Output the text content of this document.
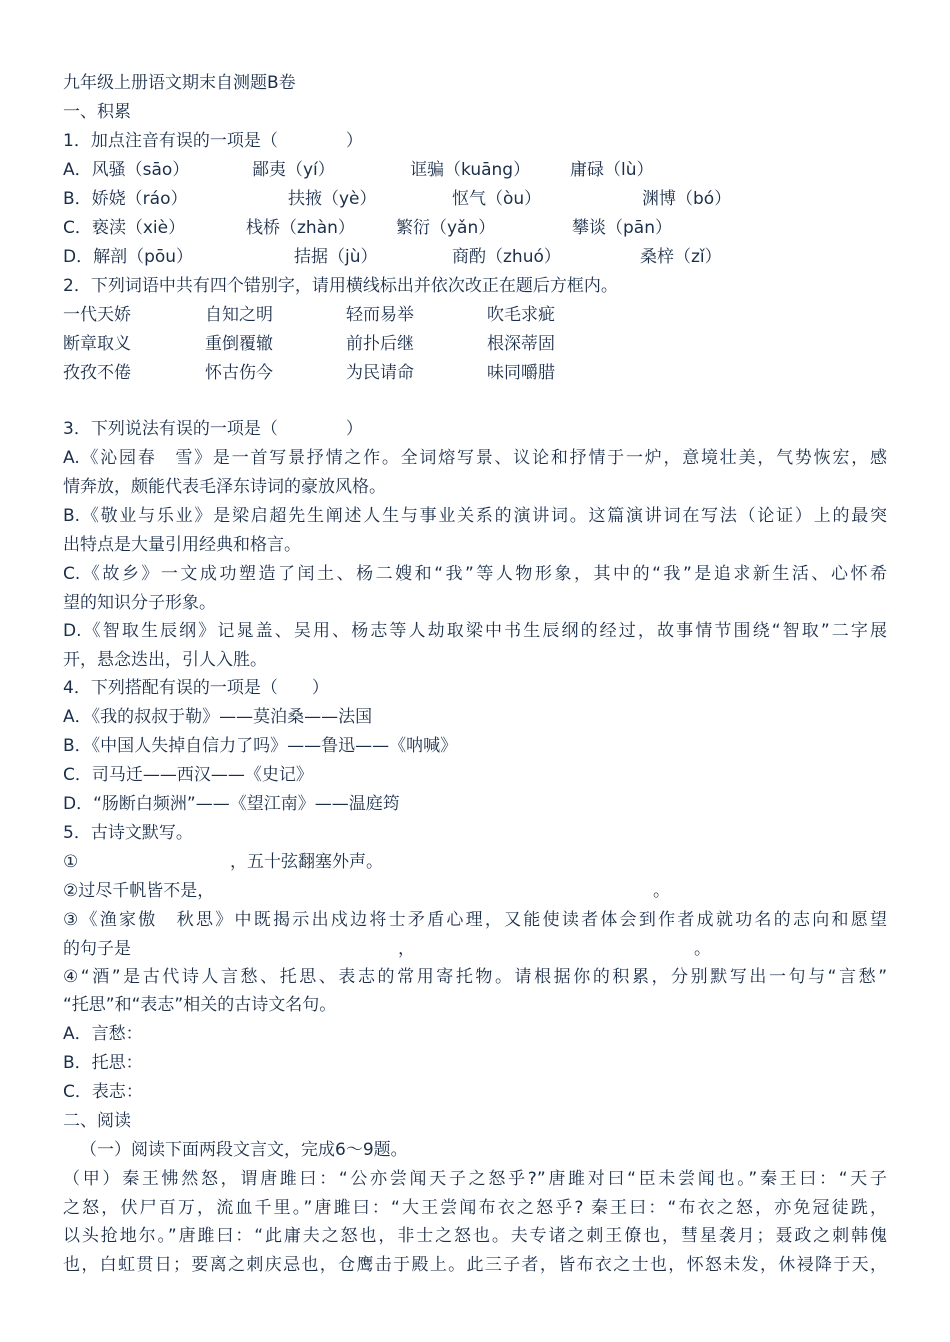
九年级上册语文期末自测题B卷
一、积累
1．加点注音有误的一项是（　　　　）
A．风骚（sāo）	鄙夷（yí）	诓骗（kuāng） 庸碌（lù）
B．娇娆（ráo）	扶掖（yè）	怄气（òu）	渊博（bó）
C．亵渎（xiè）	栈桥（zhàn） 繁衍（yǎn）	攀谈（pān）
D．解剖（pōu）	拮据（jù）	商酌（zhuó）	桑梓（zǐ）
2．下列词语中共有四个错别字，请用横线标出并依次改正在题后方框内。
一代天娇	自知之明	轻而易举	吹毛求疵
断章取义	重倒覆辙	前扑后继	根深蒂固
孜孜不倦	怀古伤今	为民请命	味同嚼腊
3．下列说法有误的一项是（　　　　）
A.《沁园春　雪》是一首写景抒情之作。全词熔写景、议论和抒情于一炉，意境壮美，气势恢宏，感
情奔放，颇能代表毛泽东诗词的豪放风格。
B.《敬业与乐业》是梁启超先生阐述人生与事业关系的演讲词。这篇演讲词在写法（论证）上的最突
出特点是大量引用经典和格言。
C.《故乡》一文成功塑造了闰土、杨二嫂和“我”等人物形象，其中的“我”是追求新生活、心怀希
望的知识分子形象。
D.《智取生辰纲》记晁盖、吴用、杨志等人劫取梁中书生辰纲的经过，故事情节围绕“智取”二字展
开，悬念迭出，引人入胜。
4．下列搭配有误的一项是（　　）
A．《我的叔叔于勒》——莫泊桑——法国
B．《中国人失掉自信力了吗》——鲁迅——《呐喊》
C．司马迁——西汉——《史记》
D．“肠断白频洲”——《望江南》——温庭筠
5．古诗文默写。
①	，五十弦翻塞外声。
②过尽千帆皆不是，	。
③《渔家傲　秋思》中既揭示出戍边将士矛盾心理，又能使读者体会到作者成就功名的志向和愿望
的句子是	，	。
④“酒”是古代诗人言愁、托思、表志的常用寄托物。请根据你的积累，分别默写出一句与“言愁”
“托思”和“表志”相关的古诗文名句。
A．言愁：
B．托思：
C．表志：
二、阅读
（一）阅读下面两段文言文，完成6～9题。
（甲）秦王怫然怒，谓唐雎曰：“公亦尝闻天子之怒乎?”唐雎对曰“臣未尝闻也。”秦王曰：“天子
之怒，伏尸百万，流血千里。”唐雎曰：“大王尝闻布衣之怒乎? 秦王曰：“布衣之怒，亦免冠徒跣，
以头抢地尔。”唐雎曰：“此庸夫之怒也，非士之怒也。夫专诸之刺王僚也，彗星袭月；聂政之刺韩傀
也，白虹贯日；要离之刺庆忌也，仓鹰击于殿上。此三子者，皆布衣之士也，怀怒未发，休祲降于天，
